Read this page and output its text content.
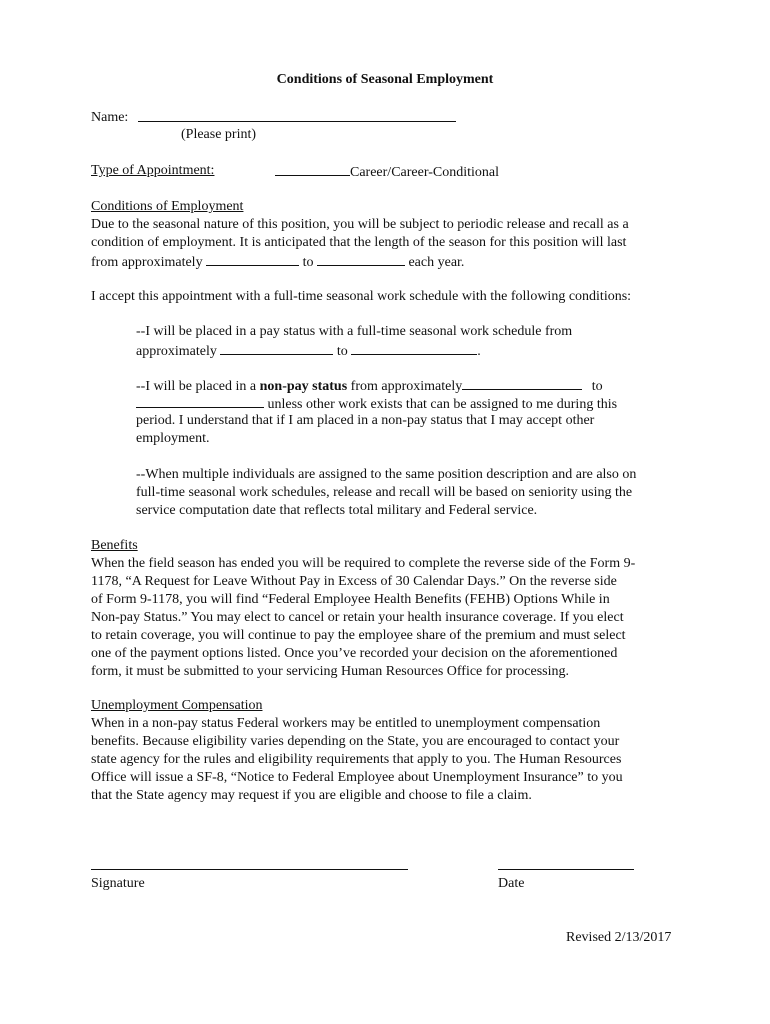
Conditions of Seasonal Employment
Name:
(Please print)
Type of Appointment:	Career/Career-Conditional
Conditions of Employment
Due to the seasonal nature of this position, you will be subject to periodic release and recall as a
condition of employment. It is anticipated that the length of the season for this position will last
from approximately	to	each year.
I accept this appointment with a full-time seasonal work schedule with the following conditions:
--I will be placed in a pay status with a full-time seasonal work schedule from
approximately	to	.
--I will be placed in a non-pay status from approximately	to
unless other work exists that can be assigned to me during this
period. I understand that if I am placed in a non-pay status that I may accept other
employment.
--When multiple individuals are assigned to the same position description and are also on
full-time seasonal work schedules, release and recall will be based on seniority using the
service computation date that reflects total military and Federal service.
Benefits
When the field season has ended you will be required to complete the reverse side of the Form 9-
1178, “A Request for Leave Without Pay in Excess of 30 Calendar Days.” On the reverse side
of Form 9-1178, you will find “Federal Employee Health Benefits (FEHB) Options While in
Non-pay Status.” You may elect to cancel or retain your health insurance coverage. If you elect
to retain coverage, you will continue to pay the employee share of the premium and must select
one of the payment options listed. Once you’ve recorded your decision on the aforementioned
form, it must be submitted to your servicing Human Resources Office for processing.
Unemployment Compensation
When in a non-pay status Federal workers may be entitled to unemployment compensation
benefits. Because eligibility varies depending on the State, you are encouraged to contact your
state agency for the rules and eligibility requirements that apply to you. The Human Resources
Office will issue a SF-8, “Notice to Federal Employee about Unemployment Insurance” to you
that the State agency may request if you are eligible and choose to file a claim.
Signature	Date
Revised 2/13/2017
